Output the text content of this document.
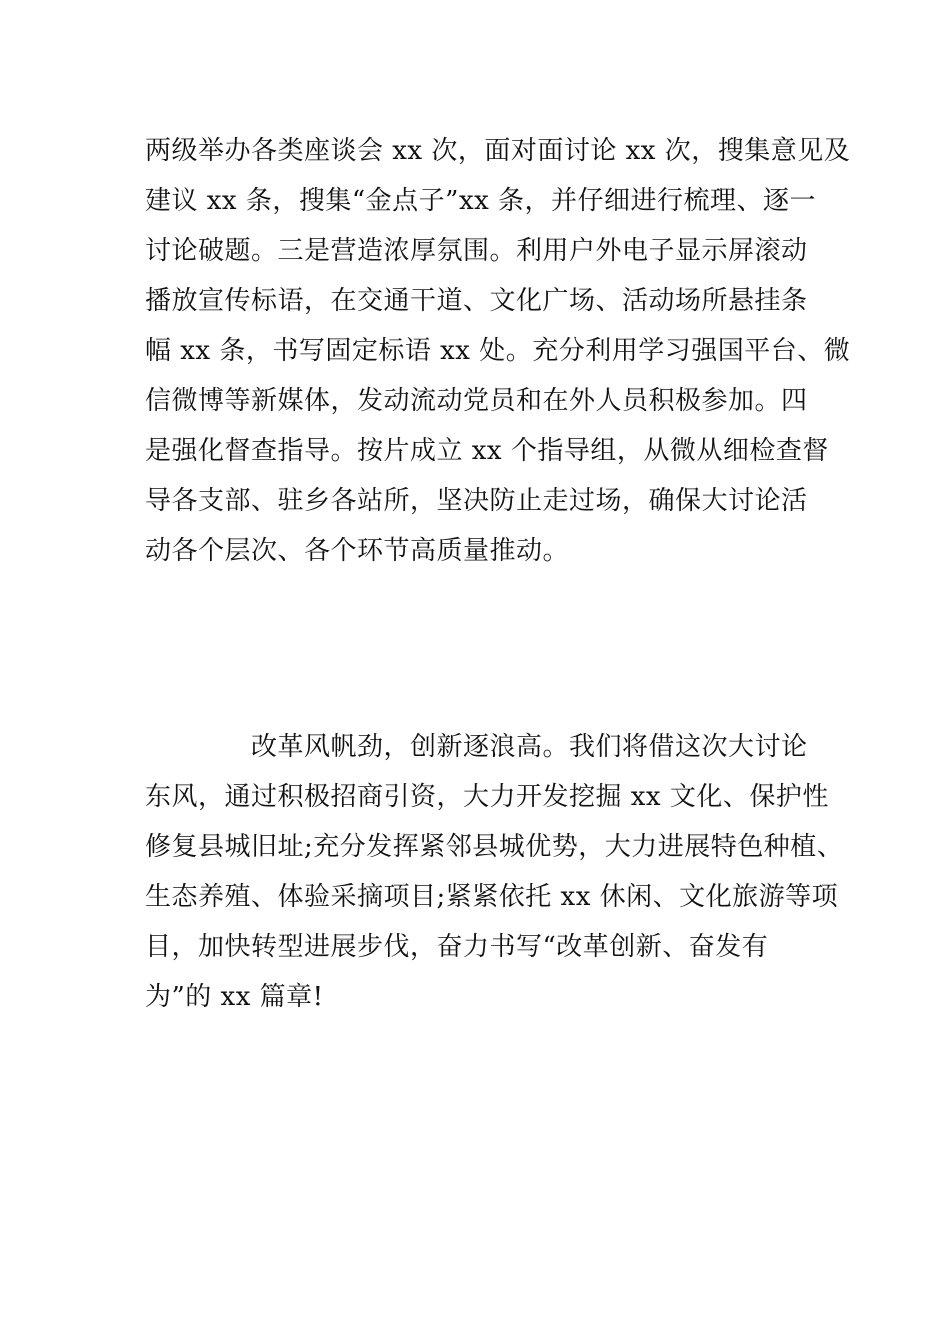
两级举办各类座谈会 xx 次，面对面讨论 xx 次，搜集意见及
建议 xx 条，搜集“金点子”xx 条，并仔细进行梳理、逐一
讨论破题。三是营造浓厚氛围。利用户外电子显示屏滚动
播放宣传标语，在交通干道、文化广场、活动场所悬挂条
幅 xx 条，书写固定标语 xx 处。充分利用学习强国平台、微
信微博等新媒体，发动流动党员和在外人员积极参加。四
是强化督查指导。按片成立 xx 个指导组，从微从细检查督
导各支部、驻乡各站所，坚决防止走过场，确保大讨论活
动各个层次、各个环节高质量推动。
　　　　改革风帆劲，创新逐浪高。我们将借这次大讨论
东风，通过积极招商引资，大力开发挖掘 xx 文化、保护性
修复县城旧址;充分发挥紧邻县城优势，大力进展特色种植、
生态养殖、体验采摘项目;紧紧依托 xx 休闲、文化旅游等项
目，加快转型进展步伐，奋力书写“改革创新、奋发有
为”的 xx 篇章!
